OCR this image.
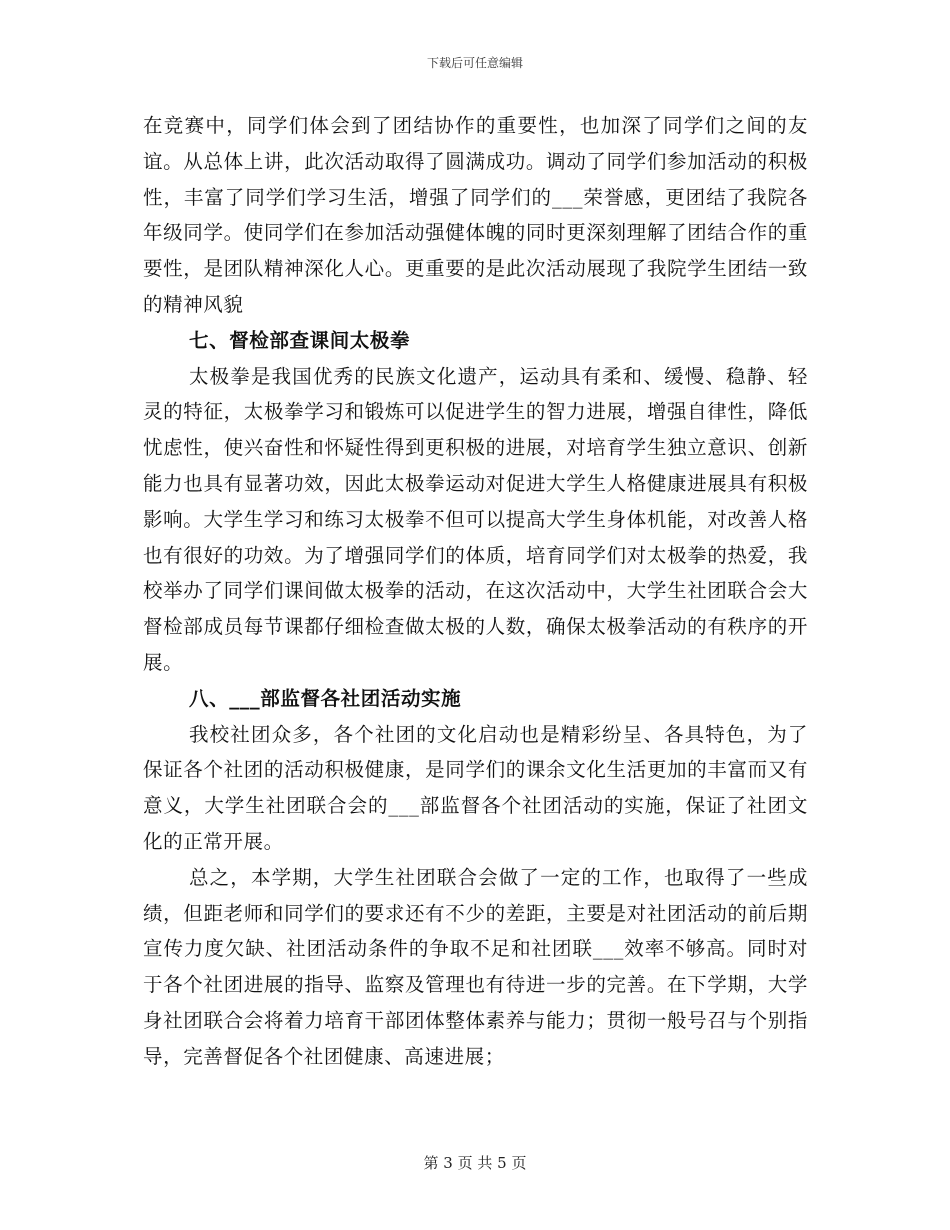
下载后可任意编辑

在竞赛中，同学们体会到了团结协作的重要性，也加深了同学们之间的友谊。从总体上讲，此次活动取得了圆满成功。调动了同学们参加活动的积极性，丰富了同学们学习生活，增强了同学们的___荣誉感，更团结了我院各年级同学。使同学们在参加活动强健体魄的同时更深刻理解了团结合作的重要性，是团队精神深化人心。更重要的是此次活动展现了我院学生团结一致的精神风貌

七、督检部查课间太极拳

太极拳是我国优秀的民族文化遗产，运动具有柔和、缓慢、稳静、轻灵的特征，太极拳学习和锻炼可以促进学生的智力进展，增强自律性，降低忧虑性，使兴奋性和怀疑性得到更积极的进展，对培育学生独立意识、创新能力也具有显著功效，因此太极拳运动对促进大学生人格健康进展具有积极影响。大学生学习和练习太极拳不但可以提高大学生身体机能，对改善人格也有很好的功效。为了增强同学们的体质，培育同学们对太极拳的热爱，我校举办了同学们课间做太极拳的活动，在这次活动中，大学生社团联合会大督检部成员每节课都仔细检查做太极的人数，确保太极拳活动的有秩序的开展。

八、___部监督各社团活动实施

我校社团众多，各个社团的文化启动也是精彩纷呈、各具特色，为了保证各个社团的活动积极健康，是同学们的课余文化生活更加的丰富而又有意义，大学生社团联合会的___部监督各个社团活动的实施，保证了社团文化的正常开展。

总之，本学期，大学生社团联合会做了一定的工作，也取得了一些成绩，但距老师和同学们的要求还有不少的差距，主要是对社团活动的前后期宣传力度欠缺、社团活动条件的争取不足和社团联___效率不够高。同时对于各个社团进展的指导、监察及管理也有待进一步的完善。在下学期，大学身社团联合会将着力培育干部团体整体素养与能力；贯彻一般号召与个别指导，完善督促各个社团健康、高速进展；

第 3 页 共 5 页
